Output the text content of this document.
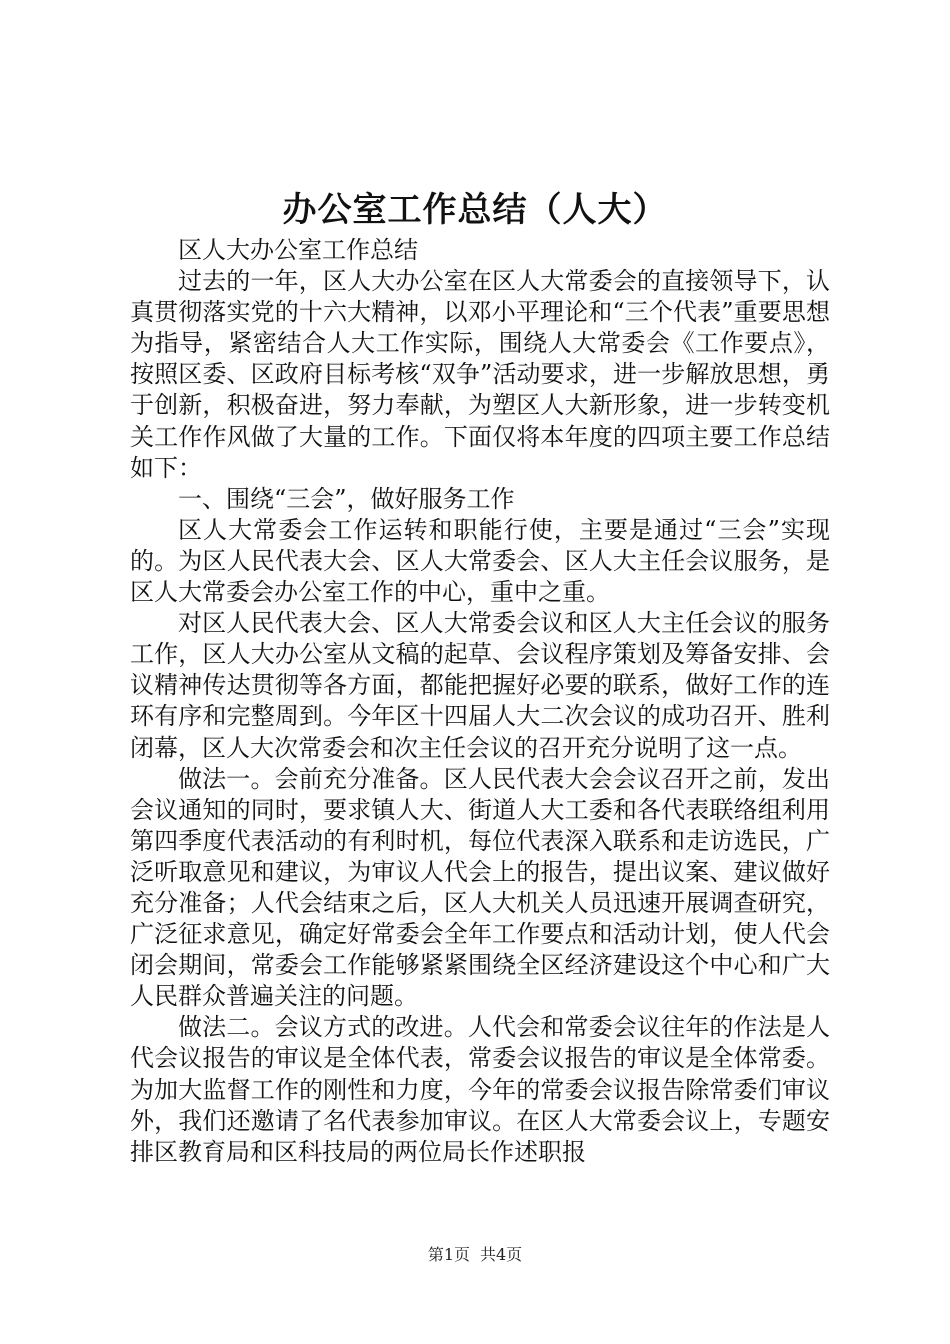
办公室工作总结（人大）

区人大办公室工作总结

过去的一年，区人大办公室在区人大常委会的直接领导下，认真贯彻落实党的十六大精神，以邓小平理论和“三个代表”重要思想为指导，紧密结合人大工作实际，围绕人大常委会《工作要点》，按照区委、区政府目标考核“双争”活动要求，进一步解放思想，勇于创新，积极奋进，努力奉献，为塑区人大新形象，进一步转变机关工作作风做了大量的工作。下面仅将本年度的四项主要工作总结如下：

一、围绕“三会”，做好服务工作

区人大常委会工作运转和职能行使，主要是通过“三会”实现的。为区人民代表大会、区人大常委会、区人大主任会议服务，是区人大常委会办公室工作的中心，重中之重。

对区人民代表大会、区人大常委会议和区人大主任会议的服务工作，区人大办公室从文稿的起草、会议程序策划及筹备安排、会议精神传达贯彻等各方面，都能把握好必要的联系，做好工作的连环有序和完整周到。今年区十四届人大二次会议的成功召开、胜利闭幕，区人大次常委会和次主任会议的召开充分说明了这一点。

做法一。会前充分准备。区人民代表大会会议召开之前，发出会议通知的同时，要求镇人大、街道人大工委和各代表联络组利用第四季度代表活动的有利时机，每位代表深入联系和走访选民，广泛听取意见和建议，为审议人代会上的报告，提出议案、建议做好充分准备；人代会结束之后，区人大机关人员迅速开展调查研究，广泛征求意见，确定好常委会全年工作要点和活动计划，使人代会闭会期间，常委会工作能够紧紧围绕全区经济建设这个中心和广大人民群众普遍关注的问题。

做法二。会议方式的改进。人代会和常委会议往年的作法是人代会议报告的审议是全体代表，常委会议报告的审议是全体常委。为加大监督工作的刚性和力度，今年的常委会议报告除常委们审议外，我们还邀请了名代表参加审议。在区人大常委会议上，专题安排区教育局和区科技局的两位局长作述职报

第1页 共4页
